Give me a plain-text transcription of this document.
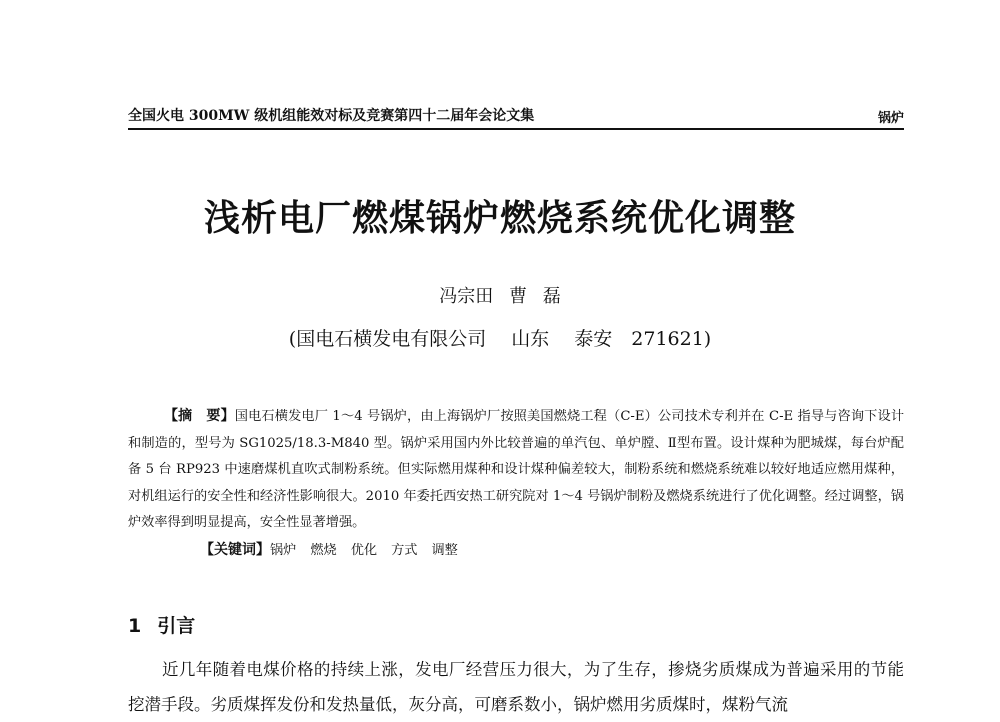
全国火电 300MW 级机组能效对标及竞赛第四十二届年会论文集	锅炉
浅析电厂燃煤锅炉燃烧系统优化调整
冯宗田 曹 磊
(国电石横发电有限公司　 山东　 泰安　271621)

【摘　要】国电石横发电厂 1～4 号锅炉，由上海锅炉厂按照美国燃烧工程（C-E）公司技术专利并在 C-E 指导与咨询下设计和制造的，型号为 SG1025/18.3-M840 型。锅炉采用国内外比较普遍的单汽包、单炉膛、Ⅱ型布置。设计煤种为肥城煤，每台炉配备 5 台 RP923 中速磨煤机直吹式制粉系统。但实际燃用煤种和设计煤种偏差较大，制粉系统和燃烧系统难以较好地适应燃用煤种，对机组运行的安全性和经济性影响很大。2010 年委托西安热工研究院对 1～4 号锅炉制粉及燃烧系统进行了优化调整。经过调整，锅炉效率得到明显提高，安全性显著增强。

【关键词】锅炉 燃烧 优化 方式 调整

1 引言

近几年随着电煤价格的持续上涨，发电厂经营压力很大，为了生存，掺烧劣质煤成为普遍采用的节能挖潜手段。劣质煤挥发份和发热量低，灰分高，可磨系数小，锅炉燃用劣质煤时，煤粉气流
